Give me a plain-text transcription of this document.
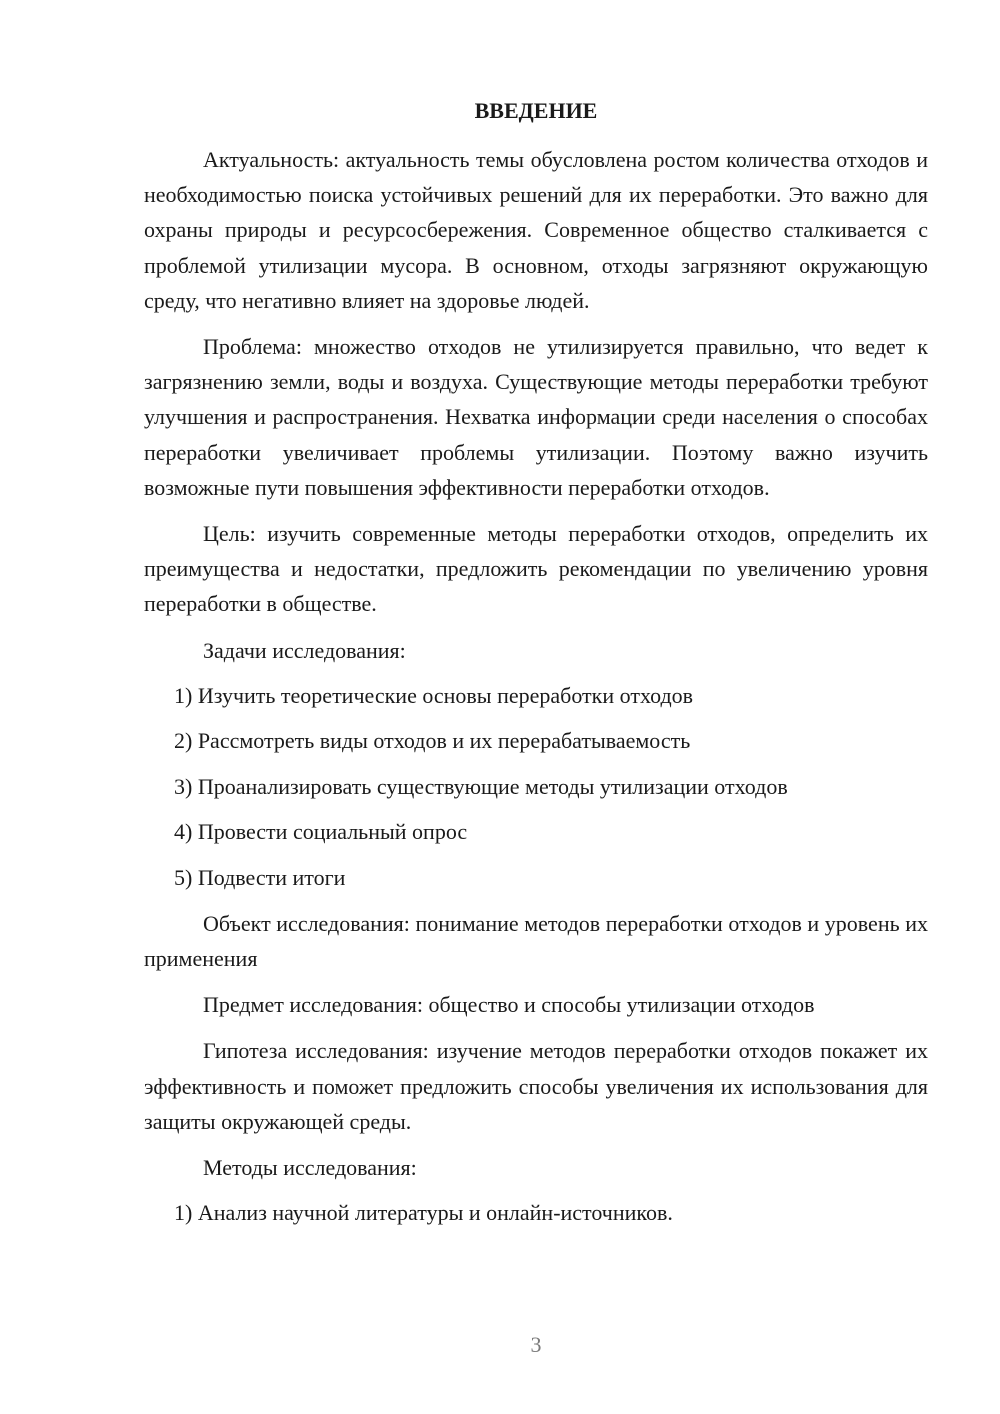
ВВЕДЕНИЕ

Актуальность: актуальность темы обусловлена ростом количества отходов и необходимостью поиска устойчивых решений для их переработки. Это важно для охраны природы и ресурсосбережения. Современное общество сталкивается с проблемой утилизации мусора. В основном, отходы загрязняют окружающую среду, что негативно влияет на здоровье людей.

Проблема: множество отходов не утилизируется правильно, что ведет к загрязнению земли, воды и воздуха. Существующие методы переработки требуют улучшения и распространения. Нехватка информации среди населения о способах переработки увеличивает проблемы утилизации. Поэтому важно изучить возможные пути повышения эффективности переработки отходов.

Цель: изучить современные методы переработки отходов, определить их преимущества и недостатки, предложить рекомендации по увеличению уровня переработки в обществе.

Задачи исследования:

1) Изучить теоретические основы переработки отходов
2) Рассмотреть виды отходов и их перерабатываемость
3) Проанализировать существующие методы утилизации отходов
4) Провести социальный опрос
5) Подвести итоги

Объект исследования: понимание методов переработки отходов и уровень их применения

Предмет исследования: общество и способы утилизации отходов

Гипотеза исследования: изучение методов переработки отходов покажет их эффективность и поможет предложить способы увеличения их использования для защиты окружающей среды.

Методы исследования:

1) Анализ научной литературы и онлайн-источников.
3
